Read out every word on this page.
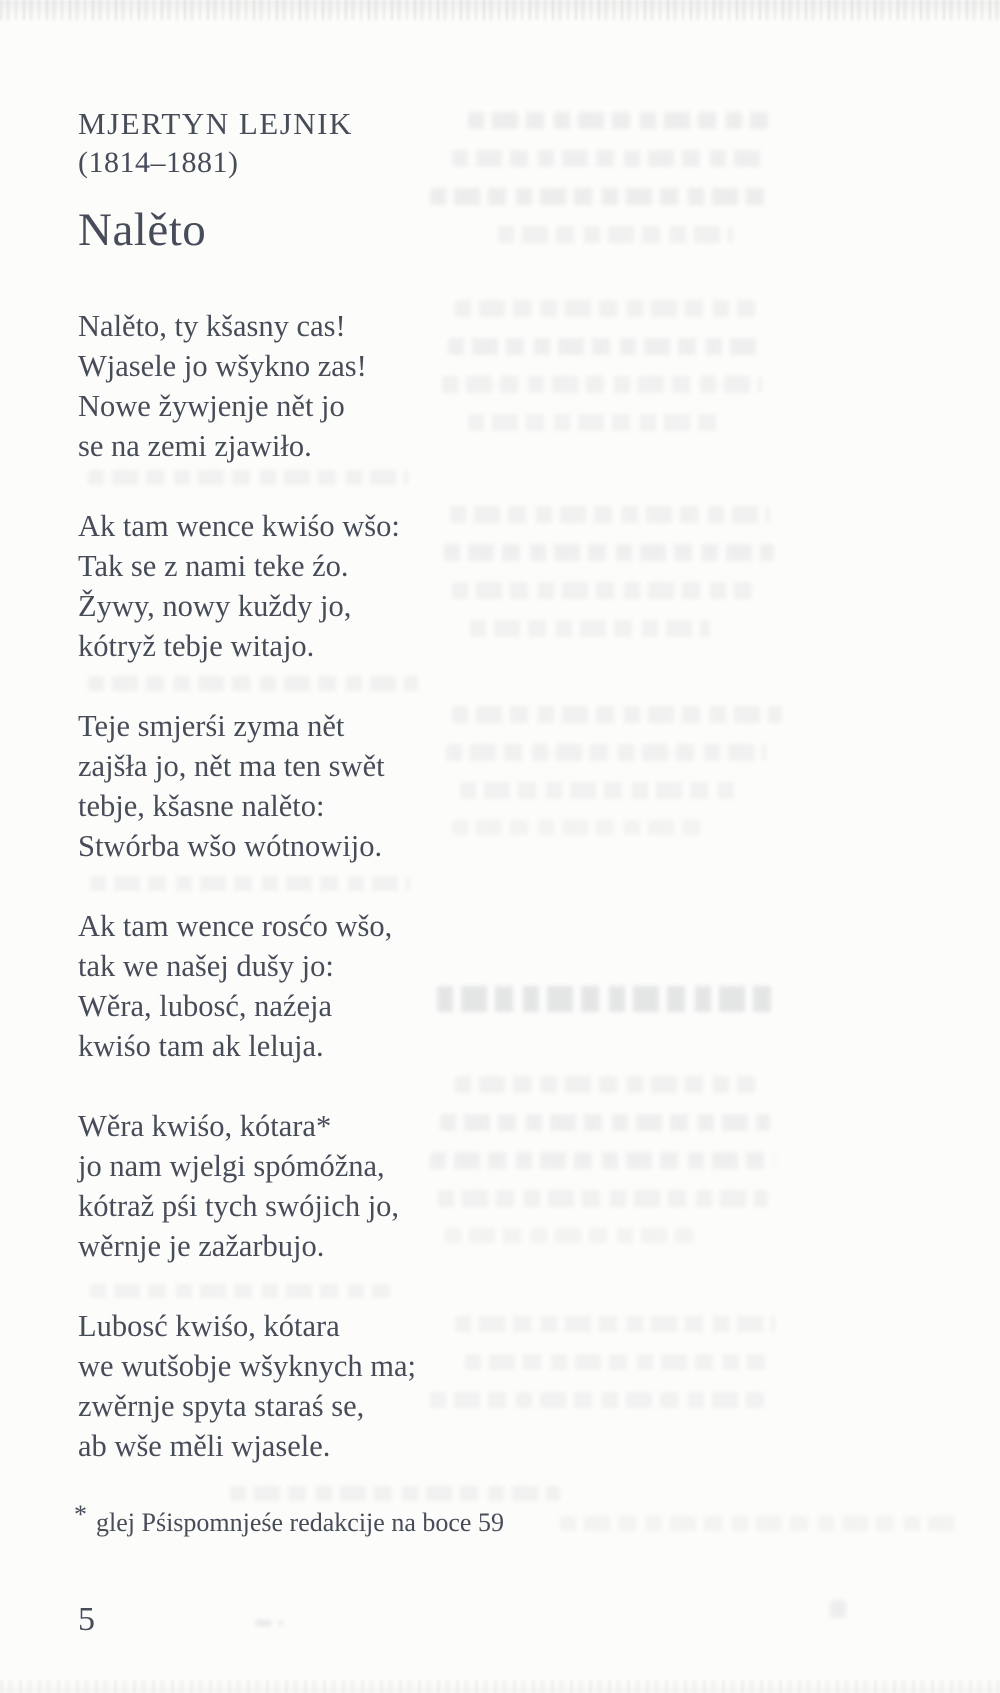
MJERTYN LEJNIK
(1814–1881)
Nalěto
Nalěto, ty kšasny cas!
Wjasele jo wšykno zas!
Nowe žywjenje nět jo
se na zemi zjawiło.
Ak tam wence kwiśo wšo:
Tak se z nami teke źo.
Žywy, nowy kuždy jo,
kótryž tebje witajo.
Teje smjerśi zyma nět
zajšła jo, nět ma ten swět
tebje, kšasne nalěto:
Stwórba wšo wótnowijo.
Ak tam wence rosćo wšo,
tak we našej dušy jo:
Wěra, lubosć, naźeja
kwiśo tam ak leluja.
Wěra kwiśo, kótara*
jo nam wjelgi spómóžna,
kótraž pśi tych swójich jo,
wěrnje je zažarbujo.
Lubosć kwiśo, kótara
we wutšobje wšyknych ma;
zwěrnje spyta staraś se,
ab wše měli wjasele.
* glej Pśispomnjeśe redakcije na boce 59
5
